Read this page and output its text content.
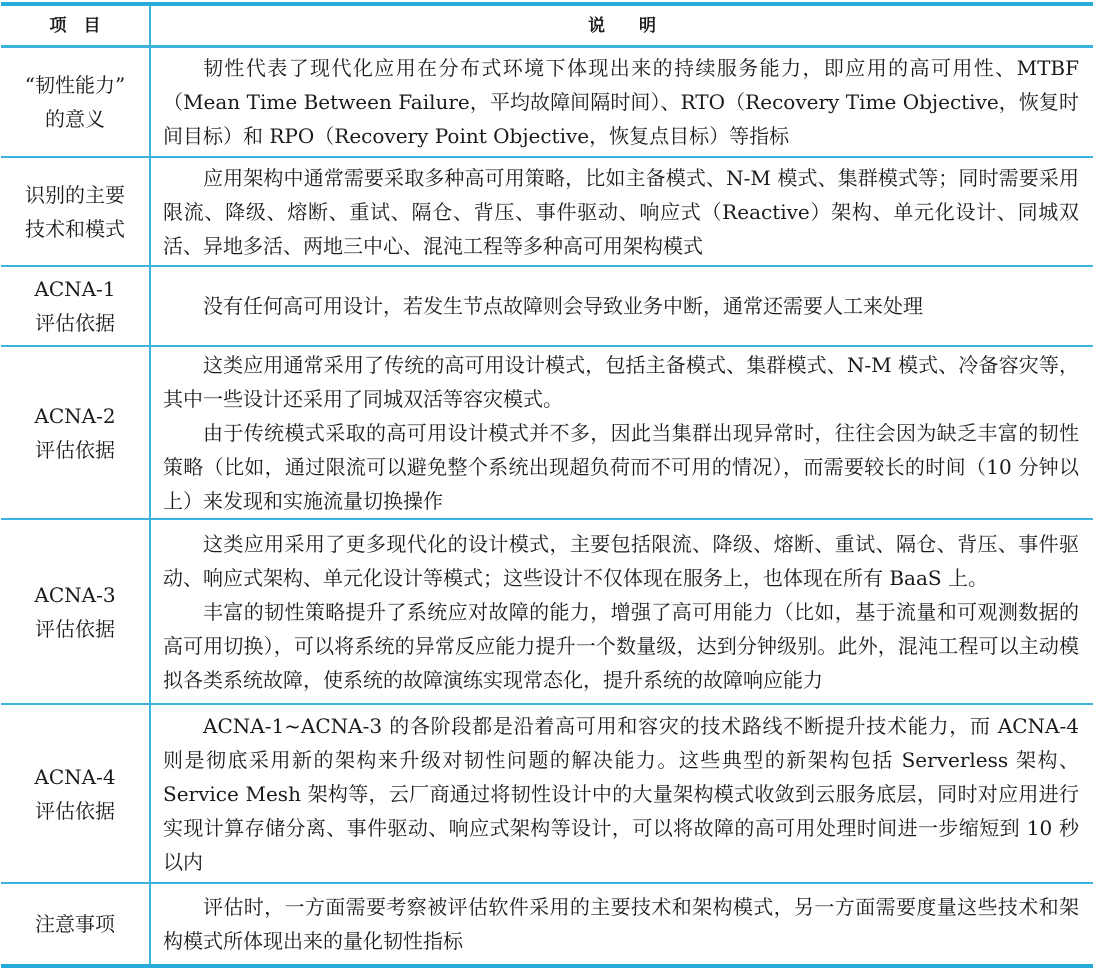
项　目	说　　明
“韧性能力”
的意义

韧性代表了现代化应用在分布式环境下体现出来的持续服务能力，即应用的高可用性、MTBF（Mean Time Between Failure，平均故障间隔时间）、RTO（Recovery Time Objective，恢复时间目标）和 RPO（Recovery Point Objective，恢复点目标）等指标

识别的主要
技术和模式

应用架构中通常需要采取多种高可用策略，比如主备模式、N-M 模式、集群模式等；同时需要采用限流、降级、熔断、重试、隔仓、背压、事件驱动、响应式（Reactive）架构、单元化设计、同城双活、异地多活、两地三中心、混沌工程等多种高可用架构模式

ACNA-1
评估依据

没有任何高可用设计，若发生节点故障则会导致业务中断，通常还需要人工来处理

ACNA-2
评估依据

这类应用通常采用了传统的高可用设计模式，包括主备模式、集群模式、N-M 模式、冷备容灾等，其中一些设计还采用了同城双活等容灾模式。

由于传统模式采取的高可用设计模式并不多，因此当集群出现异常时，往往会因为缺乏丰富的韧性策略（比如，通过限流可以避免整个系统出现超负荷而不可用的情况），而需要较长的时间（10 分钟以上）来发现和实施流量切换操作

ACNA-3
评估依据

这类应用采用了更多现代化的设计模式，主要包括限流、降级、熔断、重试、隔仓、背压、事件驱动、响应式架构、单元化设计等模式；这些设计不仅体现在服务上，也体现在所有 BaaS 上。

丰富的韧性策略提升了系统应对故障的能力，增强了高可用能力（比如，基于流量和可观测数据的高可用切换），可以将系统的异常反应能力提升一个数量级，达到分钟级别。此外，混沌工程可以主动模拟各类系统故障，使系统的故障演练实现常态化，提升系统的故障响应能力

ACNA-4
评估依据

ACNA-1~ACNA-3 的各阶段都是沿着高可用和容灾的技术路线不断提升技术能力，而 ACNA-4 则是彻底采用新的架构来升级对韧性问题的解决能力。这些典型的新架构包括 Serverless 架构、Service Mesh 架构等，云厂商通过将韧性设计中的大量架构模式收敛到云服务底层，同时对应用进行实现计算存储分离、事件驱动、响应式架构等设计，可以将故障的高可用处理时间进一步缩短到 10 秒以内

注意事项

评估时，一方面需要考察被评估软件采用的主要技术和架构模式，另一方面需要度量这些技术和架构模式所体现出来的量化韧性指标
